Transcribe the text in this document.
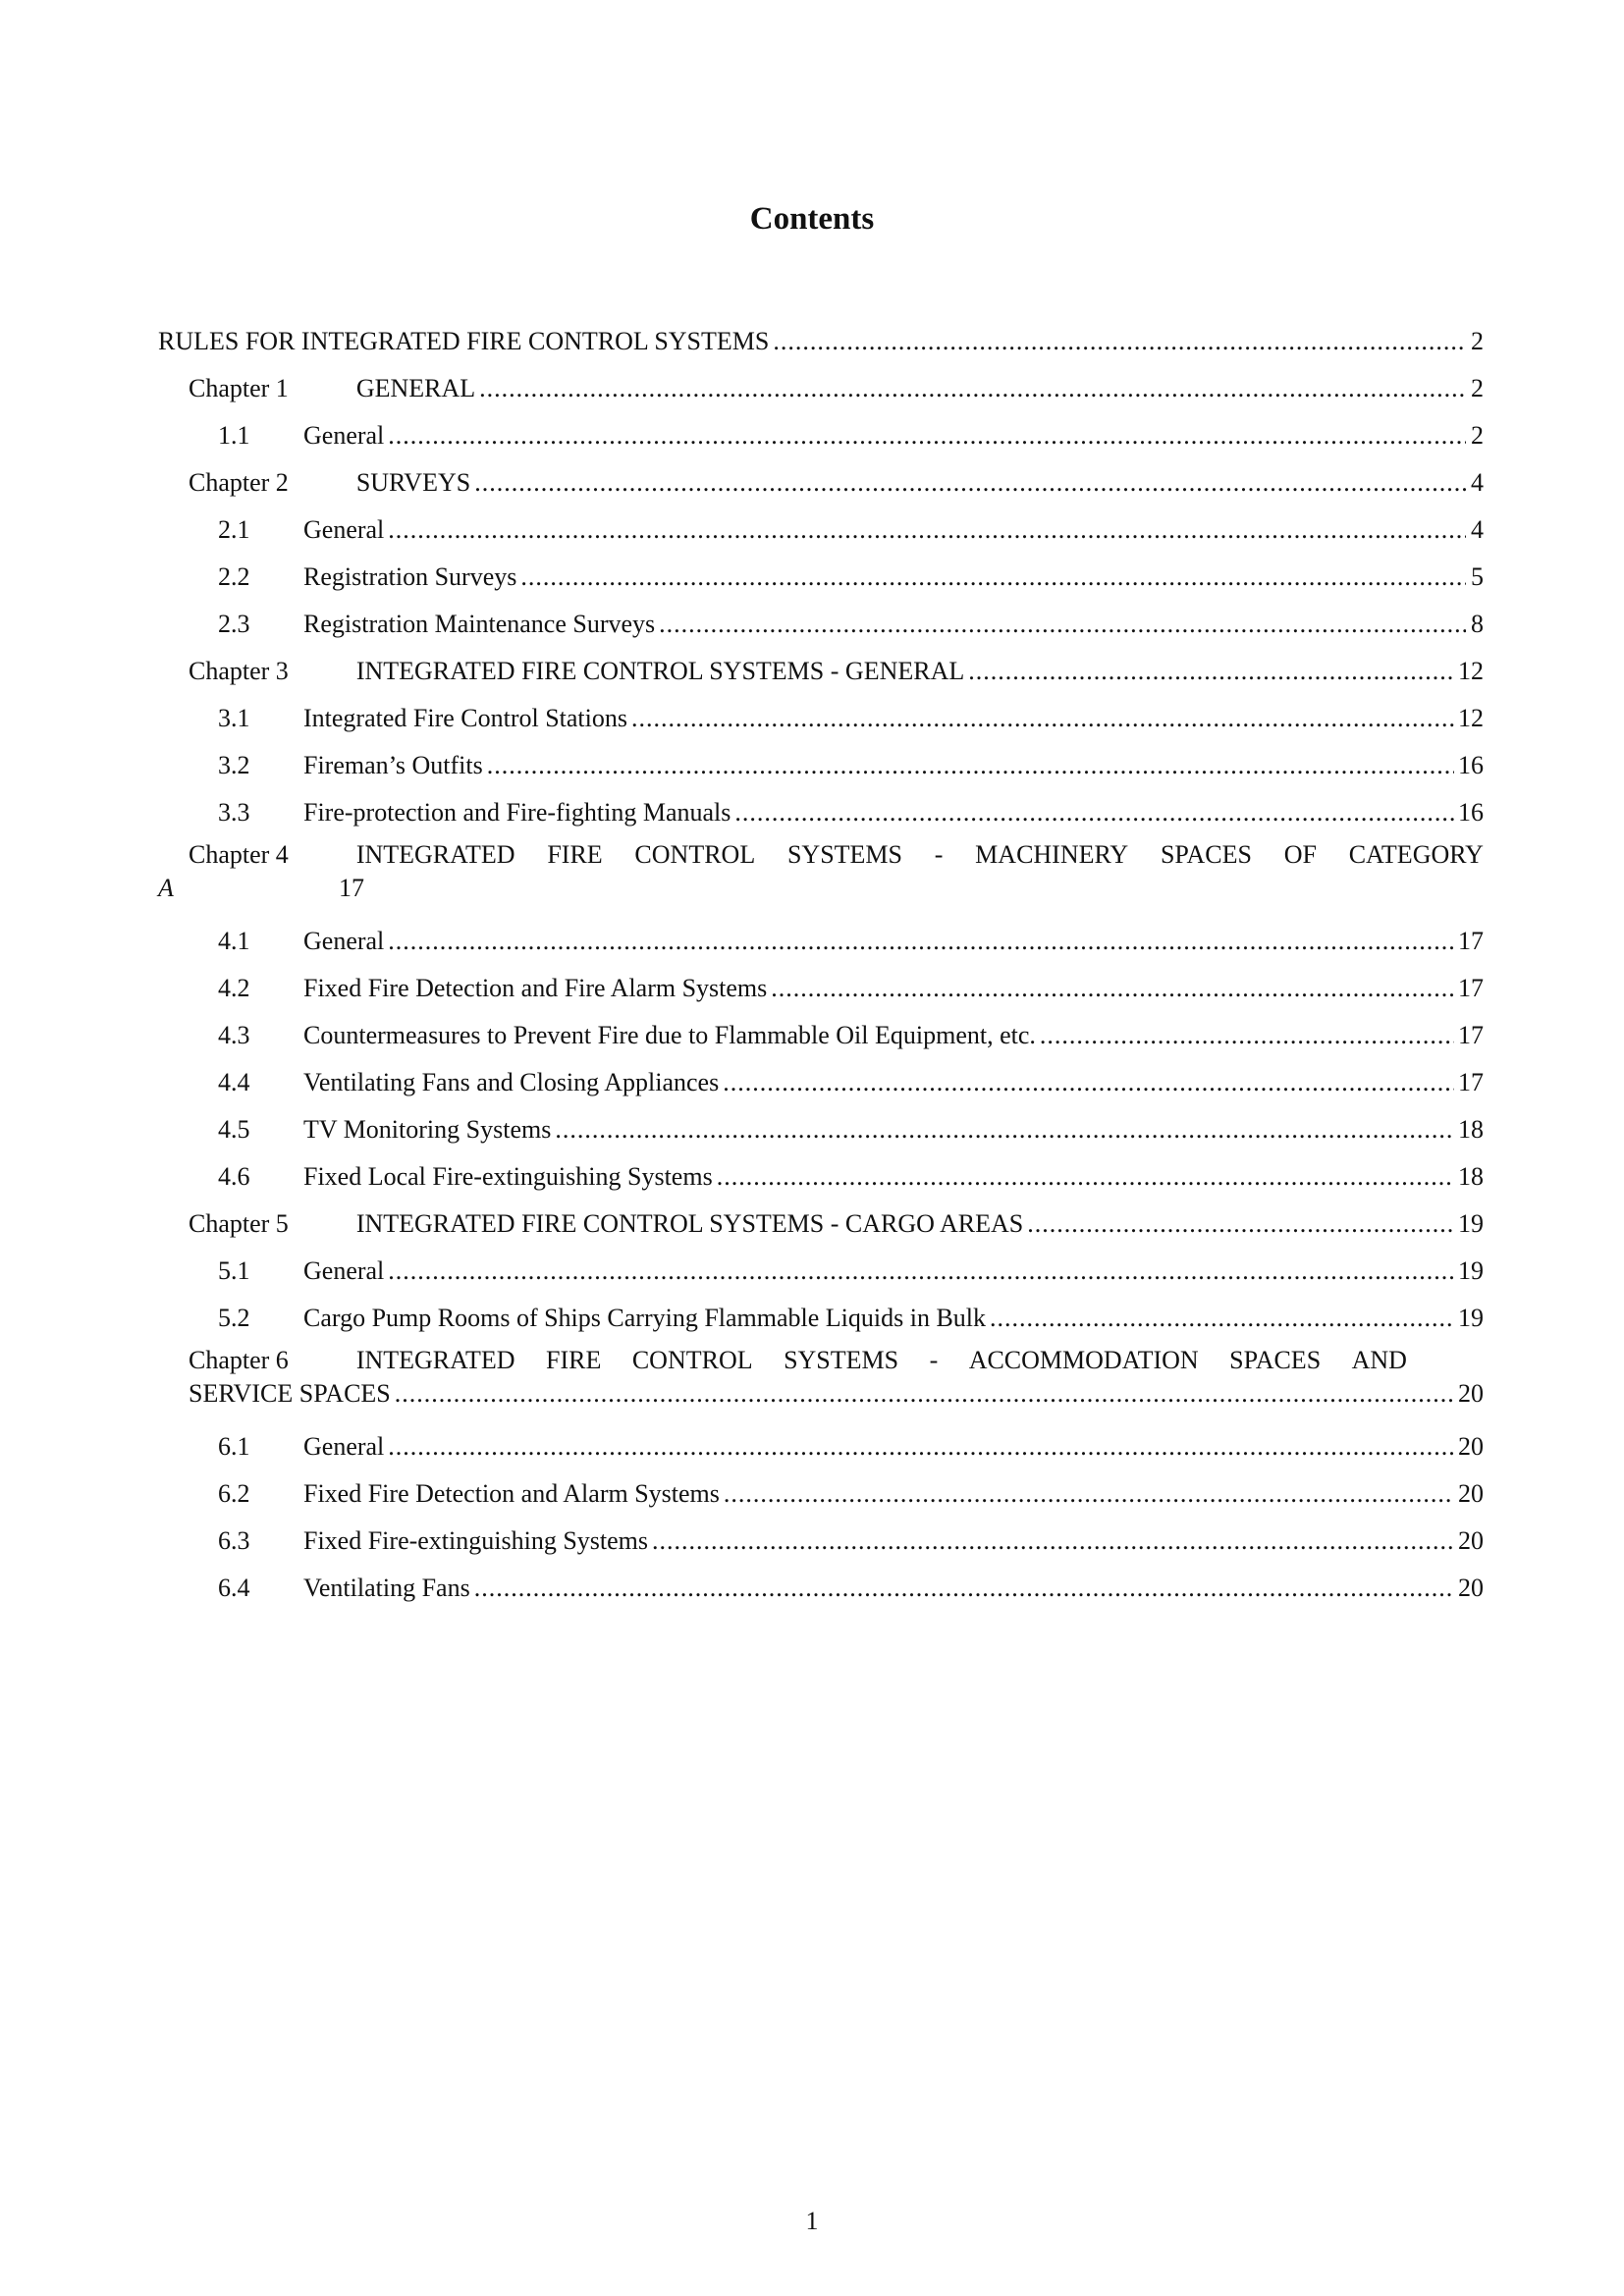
Contents
RULES FOR INTEGRATED FIRE CONTROL SYSTEMS .....	2
Chapter 1	GENERAL .....	2
1.1	General .....	2
Chapter 2	SURVEYS .....	4
2.1	General .....	4
2.2	Registration Surveys .....	5
2.3	Registration Maintenance Surveys .....	8
Chapter 3	INTEGRATED FIRE CONTROL SYSTEMS - GENERAL .....	12
3.1	Integrated Fire Control Stations .....	12
3.2	Fireman’s Outfits .....	16
3.3	Fire-protection and Fire-fighting Manuals .....	16
Chapter 4	INTEGRATED FIRE CONTROL SYSTEMS - MACHINERY SPACES OF CATEGORY
A	17
4.1	General .....	17
4.2	Fixed Fire Detection and Fire Alarm Systems .....	17
4.3	Countermeasures to Prevent Fire due to Flammable Oil Equipment, etc. .....	17
4.4	Ventilating Fans and Closing Appliances .....	17
4.5	TV Monitoring Systems .....	18
4.6	Fixed Local Fire-extinguishing Systems .....	18
Chapter 5	INTEGRATED FIRE CONTROL SYSTEMS - CARGO AREAS .....	19
5.1	General .....	19
5.2	Cargo Pump Rooms of Ships Carrying Flammable Liquids in Bulk .....	19
Chapter 6	INTEGRATED FIRE CONTROL SYSTEMS - ACCOMMODATION SPACES AND
SERVICE SPACES .....	20
6.1	General .....	20
6.2	Fixed Fire Detection and Alarm Systems .....	20
6.3	Fixed Fire-extinguishing Systems .....	20
6.4	Ventilating Fans .....	20
1
